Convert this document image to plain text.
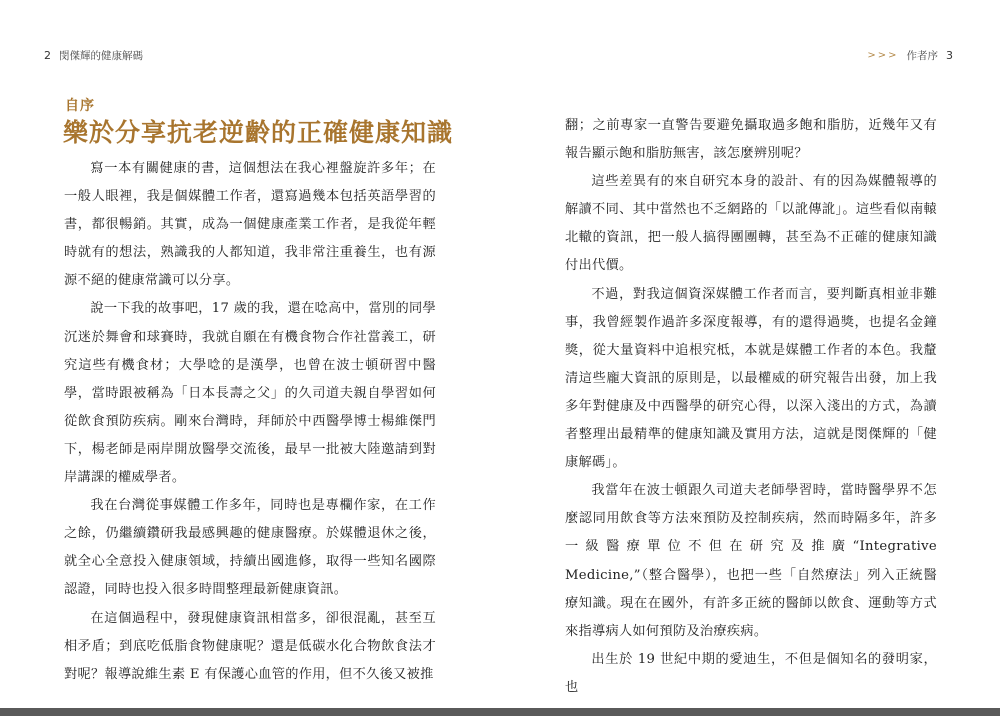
2 閔傑輝的健康解碼
自序
樂於分享抗老逆齡的正確健康知識

寫一本有關健康的書，這個想法在我心裡盤旋許多年；在一般人眼裡，我是個媒體工作者，還寫過幾本包括英語學習的書，都很暢銷。其實，成為一個健康產業工作者，是我從年輕時就有的想法，熟識我的人都知道，我非常注重養生，也有源源不絕的健康常識可以分享。

說一下我的故事吧，17 歲的我，還在唸高中，當別的同學沉迷於舞會和球賽時，我就自願在有機食物合作社當義工，研究這些有機食材；大學唸的是漢學，也曾在波士頓研習中醫學，當時跟被稱為「日本長壽之父」的久司道夫親自學習如何從飲食預防疾病。剛來台灣時，拜師於中西醫學博士楊維傑門下，楊老師是兩岸開放醫學交流後，最早一批被大陸邀請到對岸講課的權威學者。

我在台灣從事媒體工作多年，同時也是專欄作家，在工作之餘，仍繼續鑽研我最感興趣的健康醫療。於媒體退休之後，就全心全意投入健康領域，持續出國進修，取得一些知名國際認證，同時也投入很多時間整理最新健康資訊。

在這個過程中，發現健康資訊相當多，卻很混亂，甚至互相矛盾；到底吃低脂食物健康呢？還是低碳水化合物飲食法才對呢？報導說維生素 E 有保護心血管的作用，但不久後又被推

>>> 作者序 3

翻；之前專家一直警告要避免攝取過多飽和脂肪，近幾年又有報告顯示飽和脂肪無害，該怎麼辨別呢？

這些差異有的來自研究本身的設計、有的因為媒體報導的解讀不同、其中當然也不乏網路的「以訛傳訛」。這些看似南轅北轍的資訊，把一般人搞得團團轉，甚至為不正確的健康知識付出代價。

不過，對我這個資深媒體工作者而言，要判斷真相並非難事，我曾經製作過許多深度報導，有的還得過獎，也提名金鐘獎，從大量資料中追根究柢，本就是媒體工作者的本色。我釐清這些龐大資訊的原則是，以最權威的研究報告出發，加上我多年對健康及中西醫學的研究心得，以深入淺出的方式，為讀者整理出最精準的健康知識及實用方法，這就是閔傑輝的「健康解碼」。

我當年在波士頓跟久司道夫老師學習時，當時醫學界不怎麼認同用飲食等方法來預防及控制疾病，然而時隔多年，許多一級醫療單位不但在研究及推廣“Integrative Medicine,”（整合醫學），也把一些「自然療法」列入正統醫療知識。現在在國外，有許多正統的醫師以飲食、運動等方式來指導病人如何預防及治療疾病。

出生於 19 世紀中期的愛迪生，不但是個知名的發明家，也
